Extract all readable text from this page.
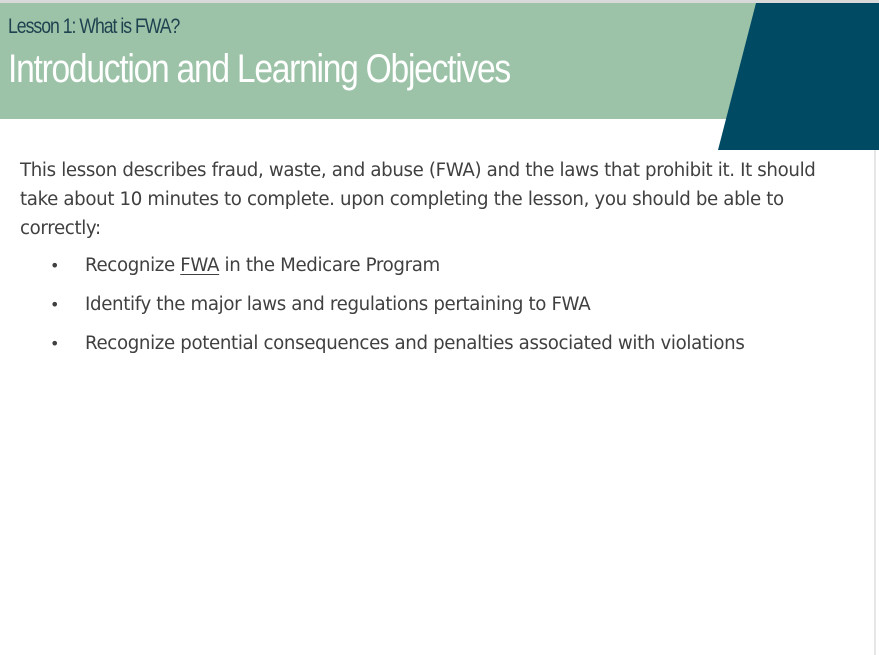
Lesson 1: What is FWA?
Introduction and Learning Objectives

This lesson describes fraud, waste, and abuse (FWA) and the laws that prohibit it. It should take about 10 minutes to complete. upon completing the lesson, you should be able to correctly:

• Recognize FWA in the Medicare Program
• Identify the major laws and regulations pertaining to FWA
• Recognize potential consequences and penalties associated with violations
